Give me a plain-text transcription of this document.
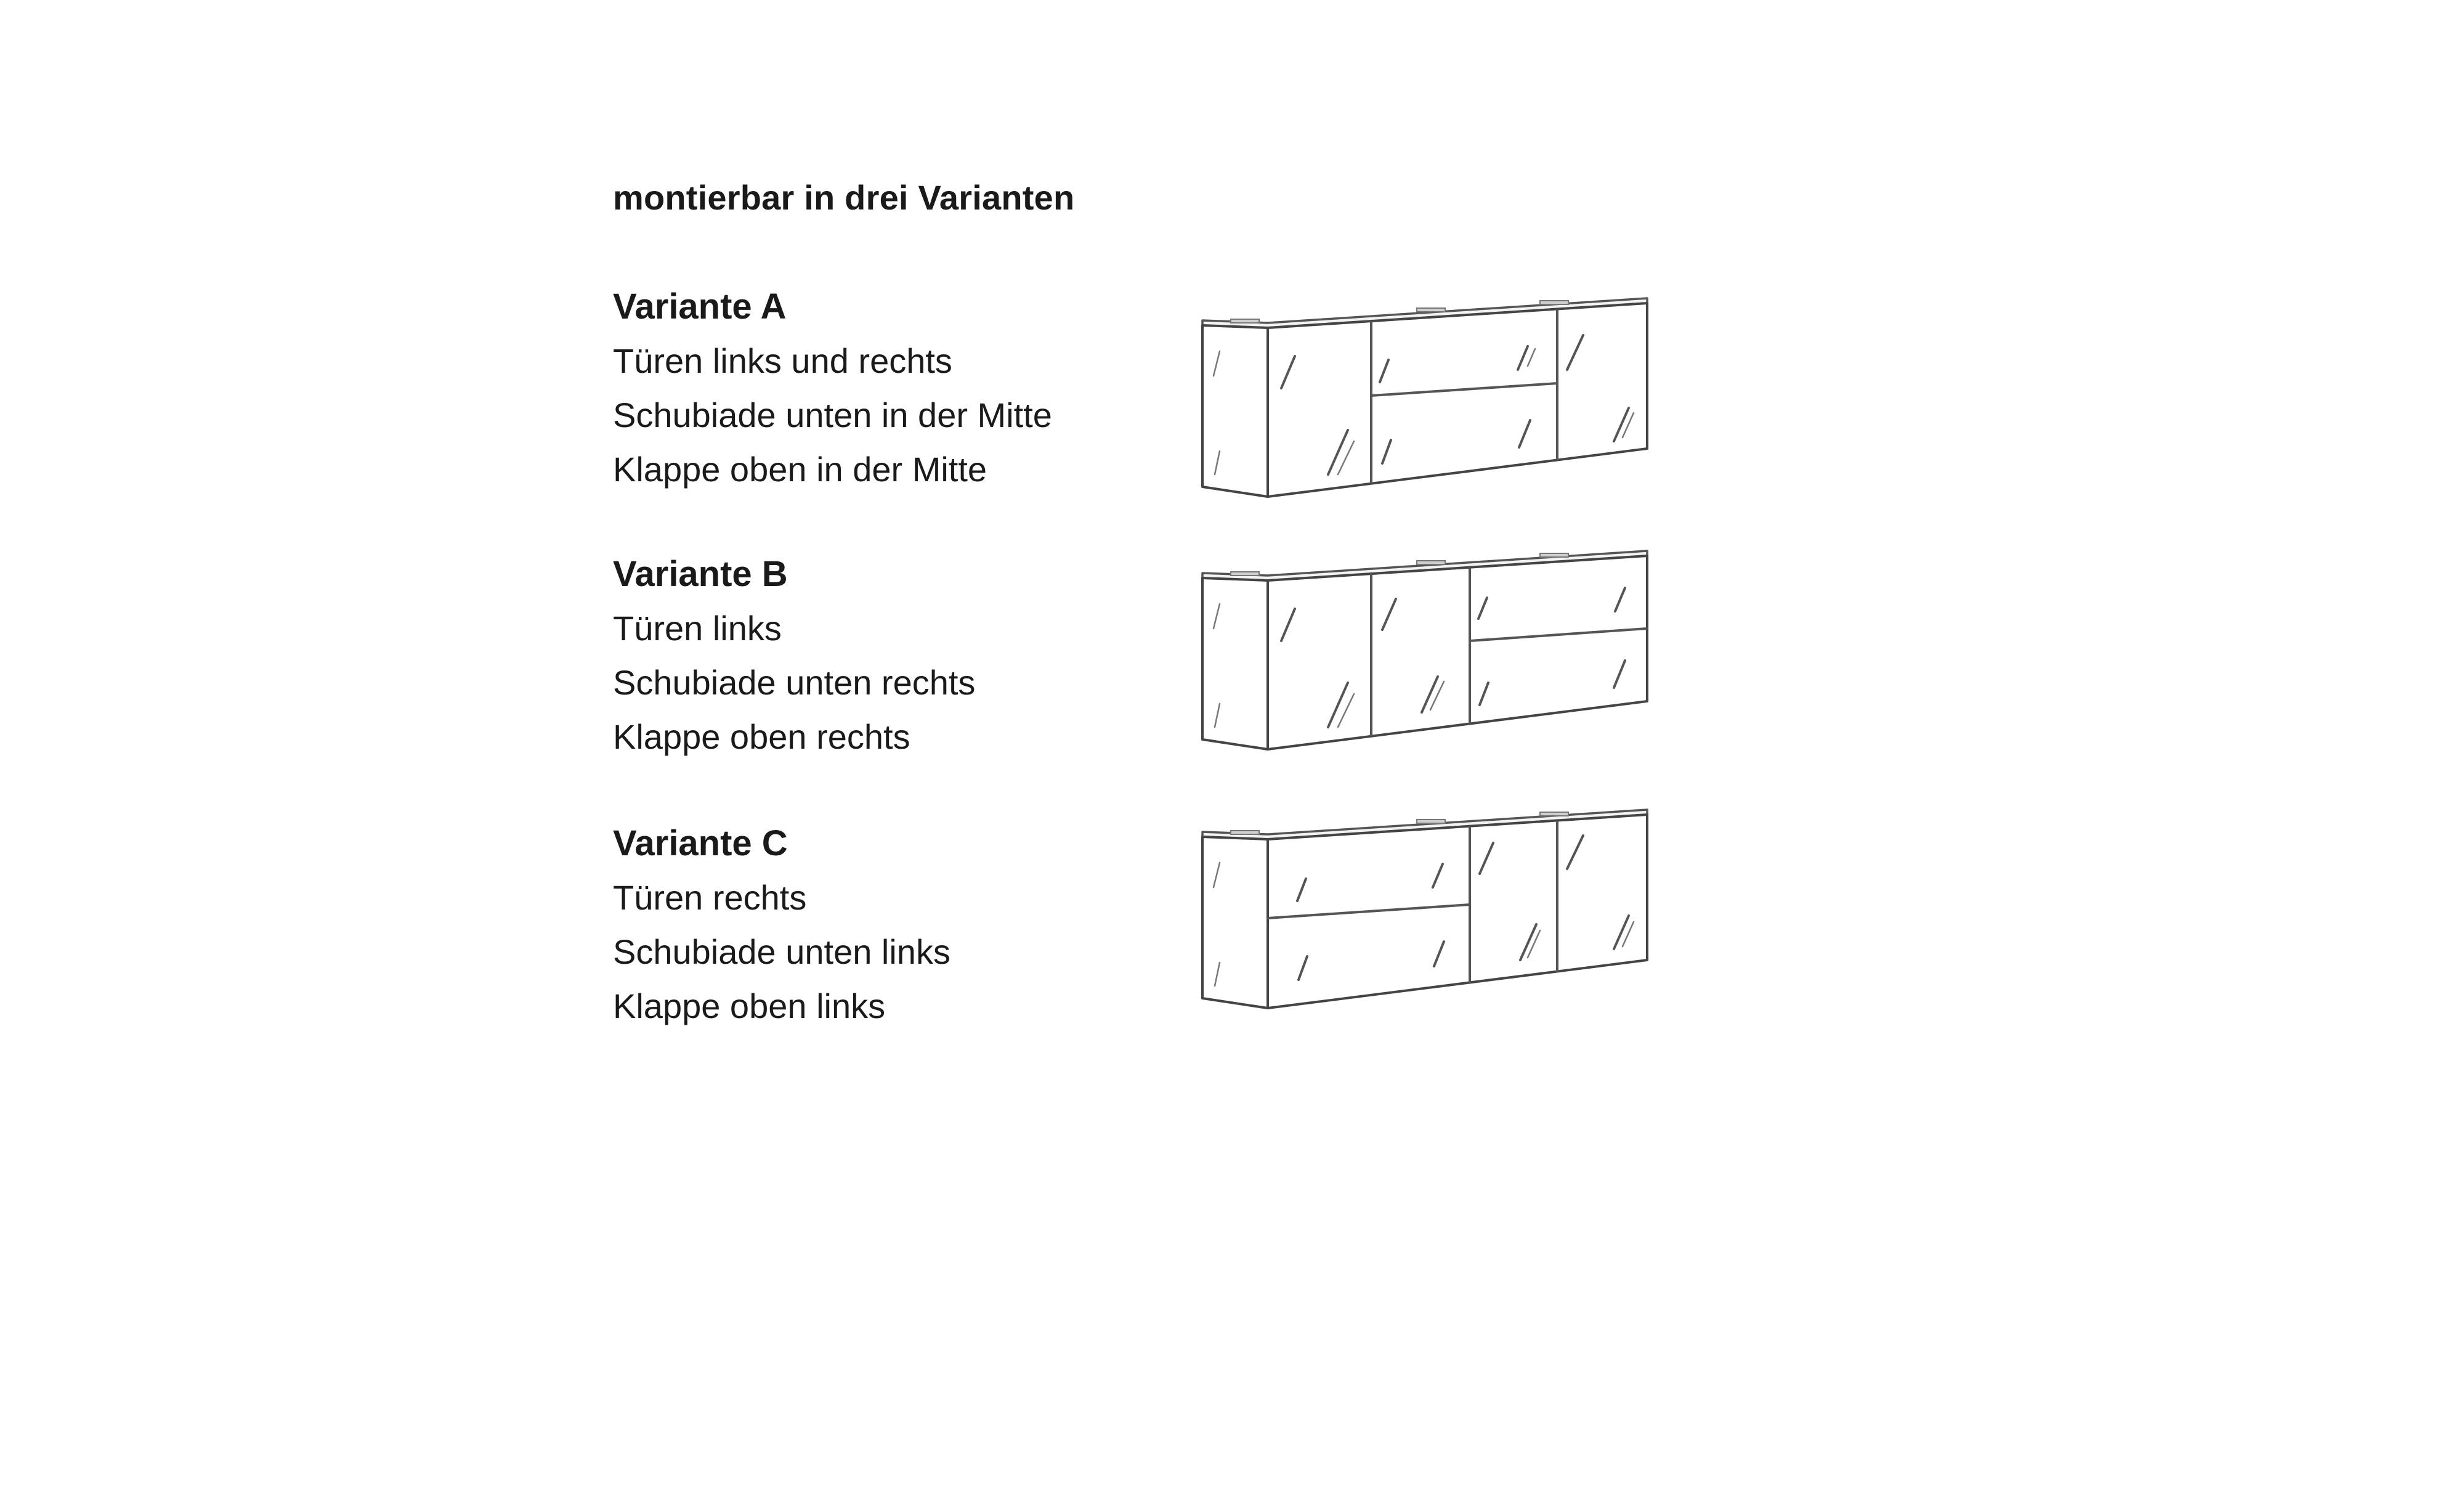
montierbar in drei Varianten

Variante A

Türen links und rechts

Schubiade unten in der Mitte

Klappe oben in der Mitte

Variante B

Türen links

Schubiade unten rechts

Klappe oben rechts

Variante C

Türen rechts

Schubiade unten links

Klappe oben links
